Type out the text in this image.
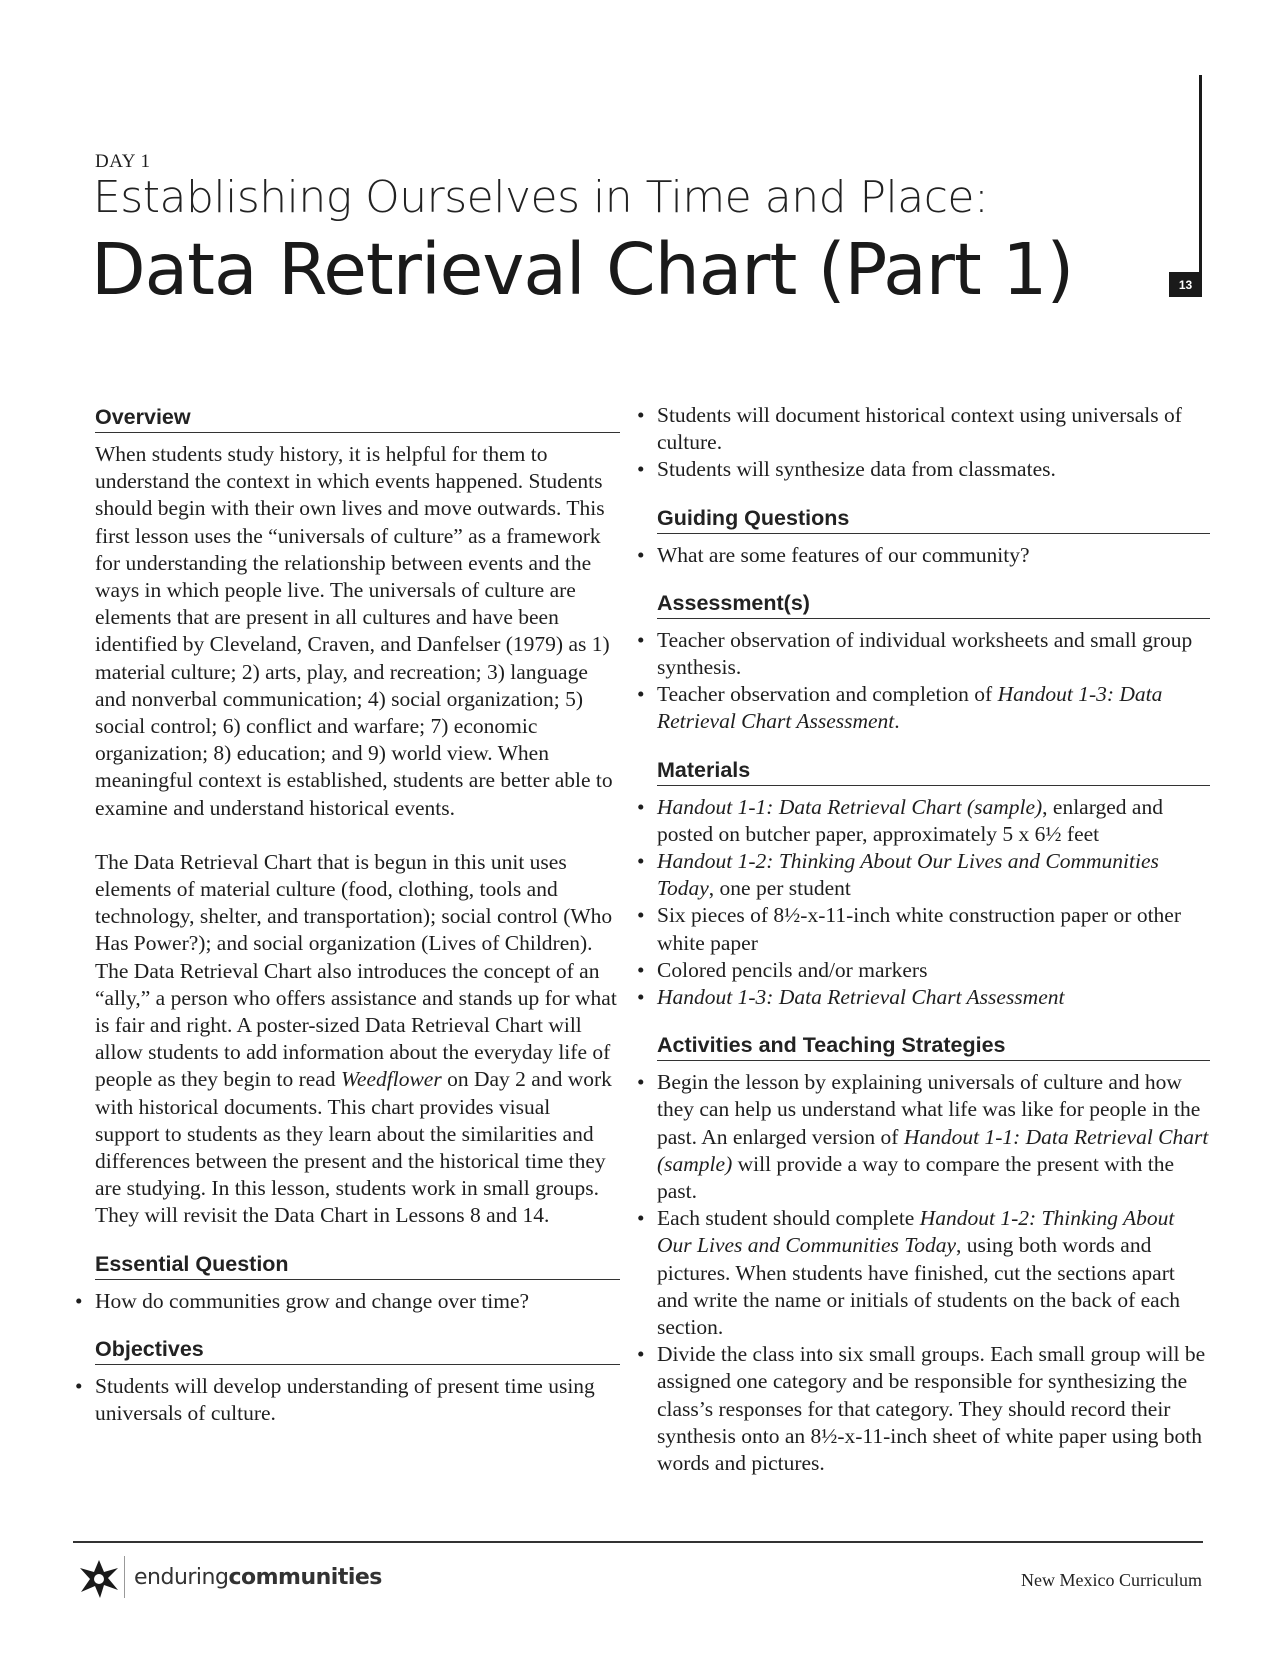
13
DAY 1
Establishing Ourselves in Time and Place:
Data Retrieval Chart (Part 1)
Overview

When students study history, it is helpful for them to understand the context in which events happened. Students should begin with their own lives and move outwards. This first lesson uses the “universals of culture” as a framework for understanding the relationship between events and the ways in which people live. The universals of culture are elements that are present in all cultures and have been identified by Cleveland, Craven, and Danfelser (1979) as 1) material culture; 2) arts, play, and recreation; 3) language and nonverbal communication; 4) social organization; 5) social control; 6) conflict and warfare; 7) economic organization; 8) education; and 9) world view. When meaningful context is established, students are better able to examine and understand historical events.

The Data Retrieval Chart that is begun in this unit uses elements of material culture (food, clothing, tools and technology, shelter, and transportation); social control (Who Has Power?); and social organization (Lives of Children). The Data Retrieval Chart also introduces the concept of an “ally,” a person who offers assistance and stands up for what is fair and right. A poster-sized Data Retrieval Chart will allow students to add information about the everyday life of people as they begin to read Weedflower on Day 2 and work with historical documents. This chart provides visual support to students as they learn about the similarities and differences between the present and the historical time they are studying. In this lesson, students work in small groups. They will revisit the Data Chart in Lessons 8 and 14.

Essential Question
• How do communities grow and change over time?
Objectives
• Students will develop understanding of present time using universals of culture.
• Students will document historical context using universals of culture.
• Students will synthesize data from classmates.
Guiding Questions
• What are some features of our community?
Assessment(s)
• Teacher observation of individual worksheets and small group synthesis.
• Teacher observation and completion of Handout 1-3: Data Retrieval Chart Assessment.
Materials
• Handout 1-1: Data Retrieval Chart (sample), enlarged and posted on butcher paper, approximately 5 x 6½ feet
• Handout 1-2: Thinking About Our Lives and Communities Today, one per student
• Six pieces of 8½-x-11-inch white construction paper or other white paper
• Colored pencils and/or markers
• Handout 1-3: Data Retrieval Chart Assessment
Activities and Teaching Strategies
• Begin the lesson by explaining universals of culture and how they can help us understand what life was like for people in the past. An enlarged version of Handout 1-1: Data Retrieval Chart (sample) will provide a way to compare the present with the past.
• Each student should complete Handout 1-2: Thinking About Our Lives and Communities Today, using both words and pictures. When students have finished, cut the sections apart and write the name or initials of students on the back of each section.
• Divide the class into six small groups. Each small group will be assigned one category and be responsible for synthesizing the class’s responses for that category. They should record their synthesis onto an 8½-x-11-inch sheet of white paper using both words and pictures.
enduringcommunities	New Mexico Curriculum
